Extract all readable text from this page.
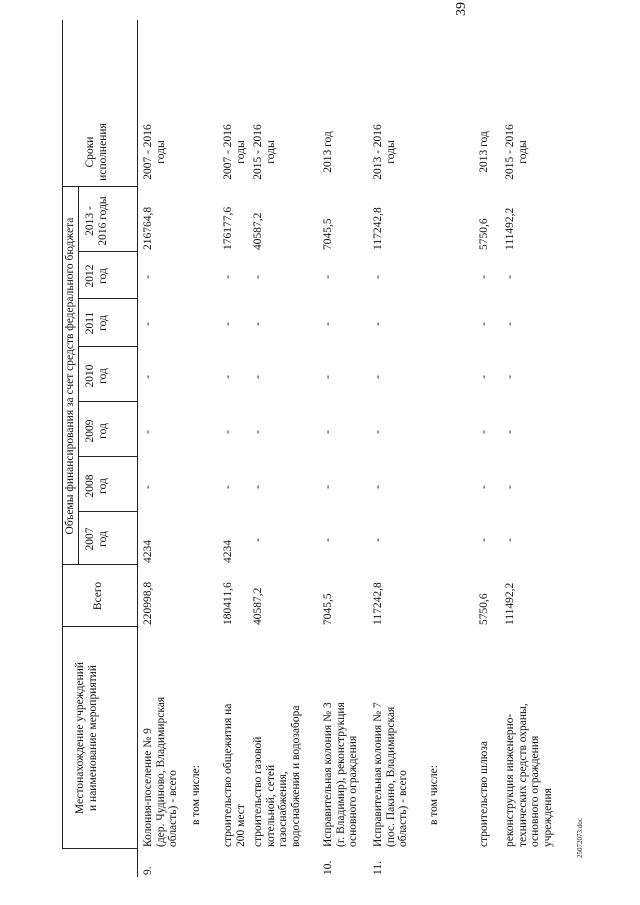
39
Местонахождение учреждений
и наименование мероприятий
Всего
Объемы финансирования за счет средств федерального бюджета
2007
год
2008
год
2009
год
2010
год
2011
год
2012
год
2013 -
2016 годы
Сроки
исполнения
9.
Колония-поселение № 9
(дер. Чудиново, Владимирская
область) - всего
220998,8
4234
-
-
-
-
-
216764,8
2007 - 2016
годы
в том числе: строительство общежития на
200 мест
180411,6
4234
-
-
-
-
-
176177,6
2007 - 2016
годы
строительство газовой
котельной, сетей
газоснабжения,
водоснабжения и водозабора
40587,2
-
-
-
-
-
-
40587,2
2015 - 2016
годы
10.
Исправительная колония № 3
(г. Владимир), реконструкция
основного ограждения
7045,5
-
-
-
-
-
-
7045,5
2013 год
11.
Исправительная колония № 7
(пос. Пакино, Владимирская
область) - всего
117242,8
-
-
-
-
-
-
117242,8
2013 - 2016
годы
в том числе:	строительство шлюза
5750,6
-
-
-
-
-
-
5750,6
2013 год
реконструкция инженерно-
технических средств охраны,
основного ограждения
учреждения
111492,2
-
-
-
-
-
-
111492,2
2015 - 2016
годы
25072073.doc
